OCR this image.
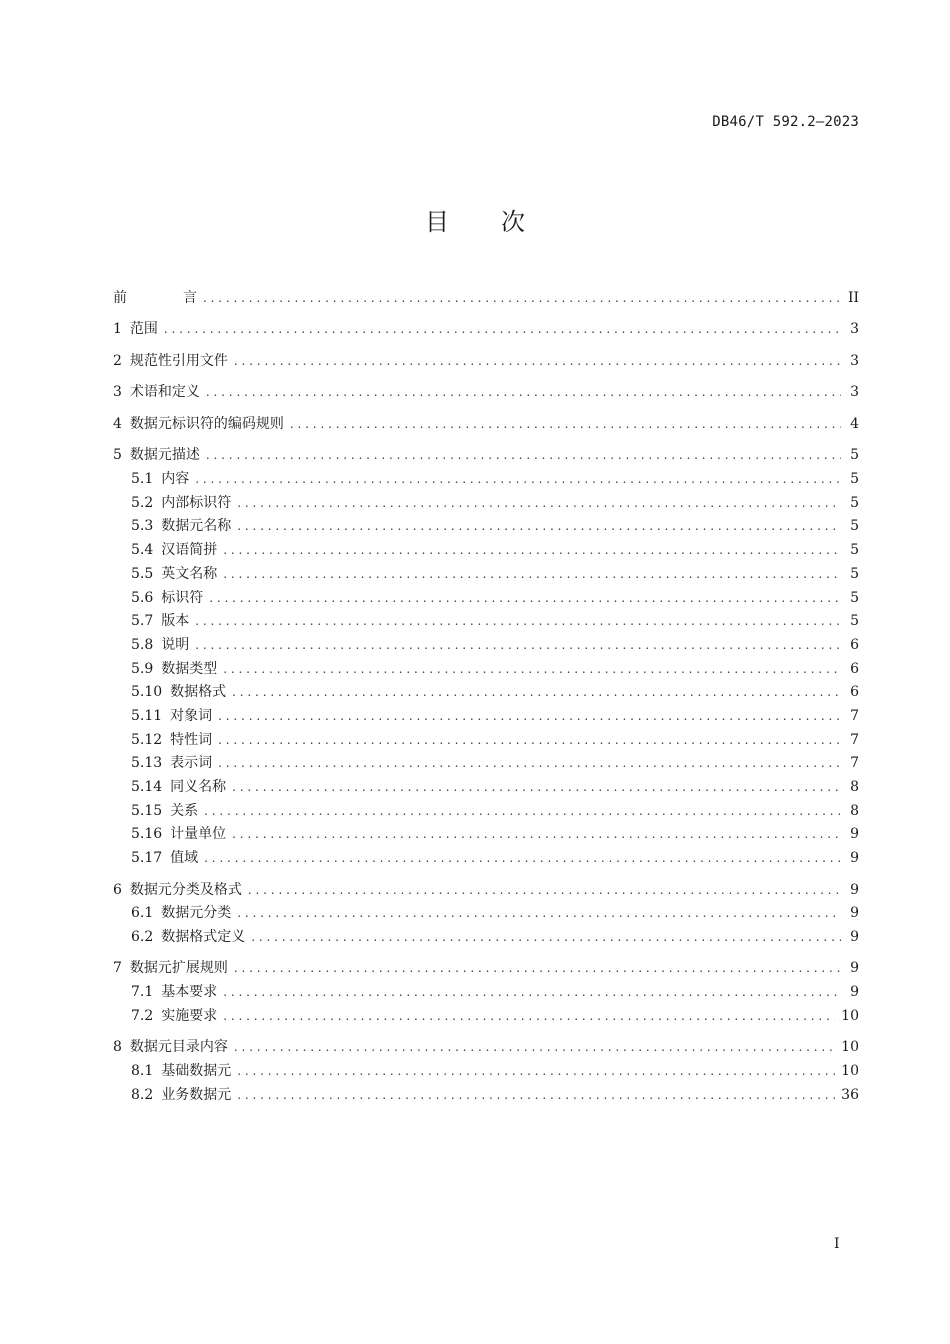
DB46/T 592.2—2023
目 次
前言 . . .	II
1 范围 . . .	3
2 规范性引用文件 . . .	3
3 术语和定义 . . .	3
4 数据元标识符的编码规则 . . .	4
5 数据元描述 . . .	5
5.1 内容 . . .	5
5.2 内部标识符 . . .	5
5.3 数据元名称 . . .	5
5.4 汉语简拼 . . .	5
5.5 英文名称 . . .	5
5.6 标识符 . . .	5
5.7 版本 . . .	5
5.8 说明 . . .	6
5.9 数据类型 . . .	6
5.10 数据格式 . . .	6
5.11 对象词 . . .	7
5.12 特性词 . . .	7
5.13 表示词 . . .	7
5.14 同义名称 . . .	8
5.15 关系 . . .	8
5.16 计量单位 . . .	9
5.17 值域 . . .	9
6 数据元分类及格式 . . .	9
6.1 数据元分类 . . .	9
6.2 数据格式定义 . . .	9
7 数据元扩展规则 . . .	9
7.1 基本要求 . . .	9
7.2 实施要求 . . .	10
8 数据元目录内容 . . .	10
8.1 基础数据元 . . .	10
8.2 业务数据元 . . .	36
I
